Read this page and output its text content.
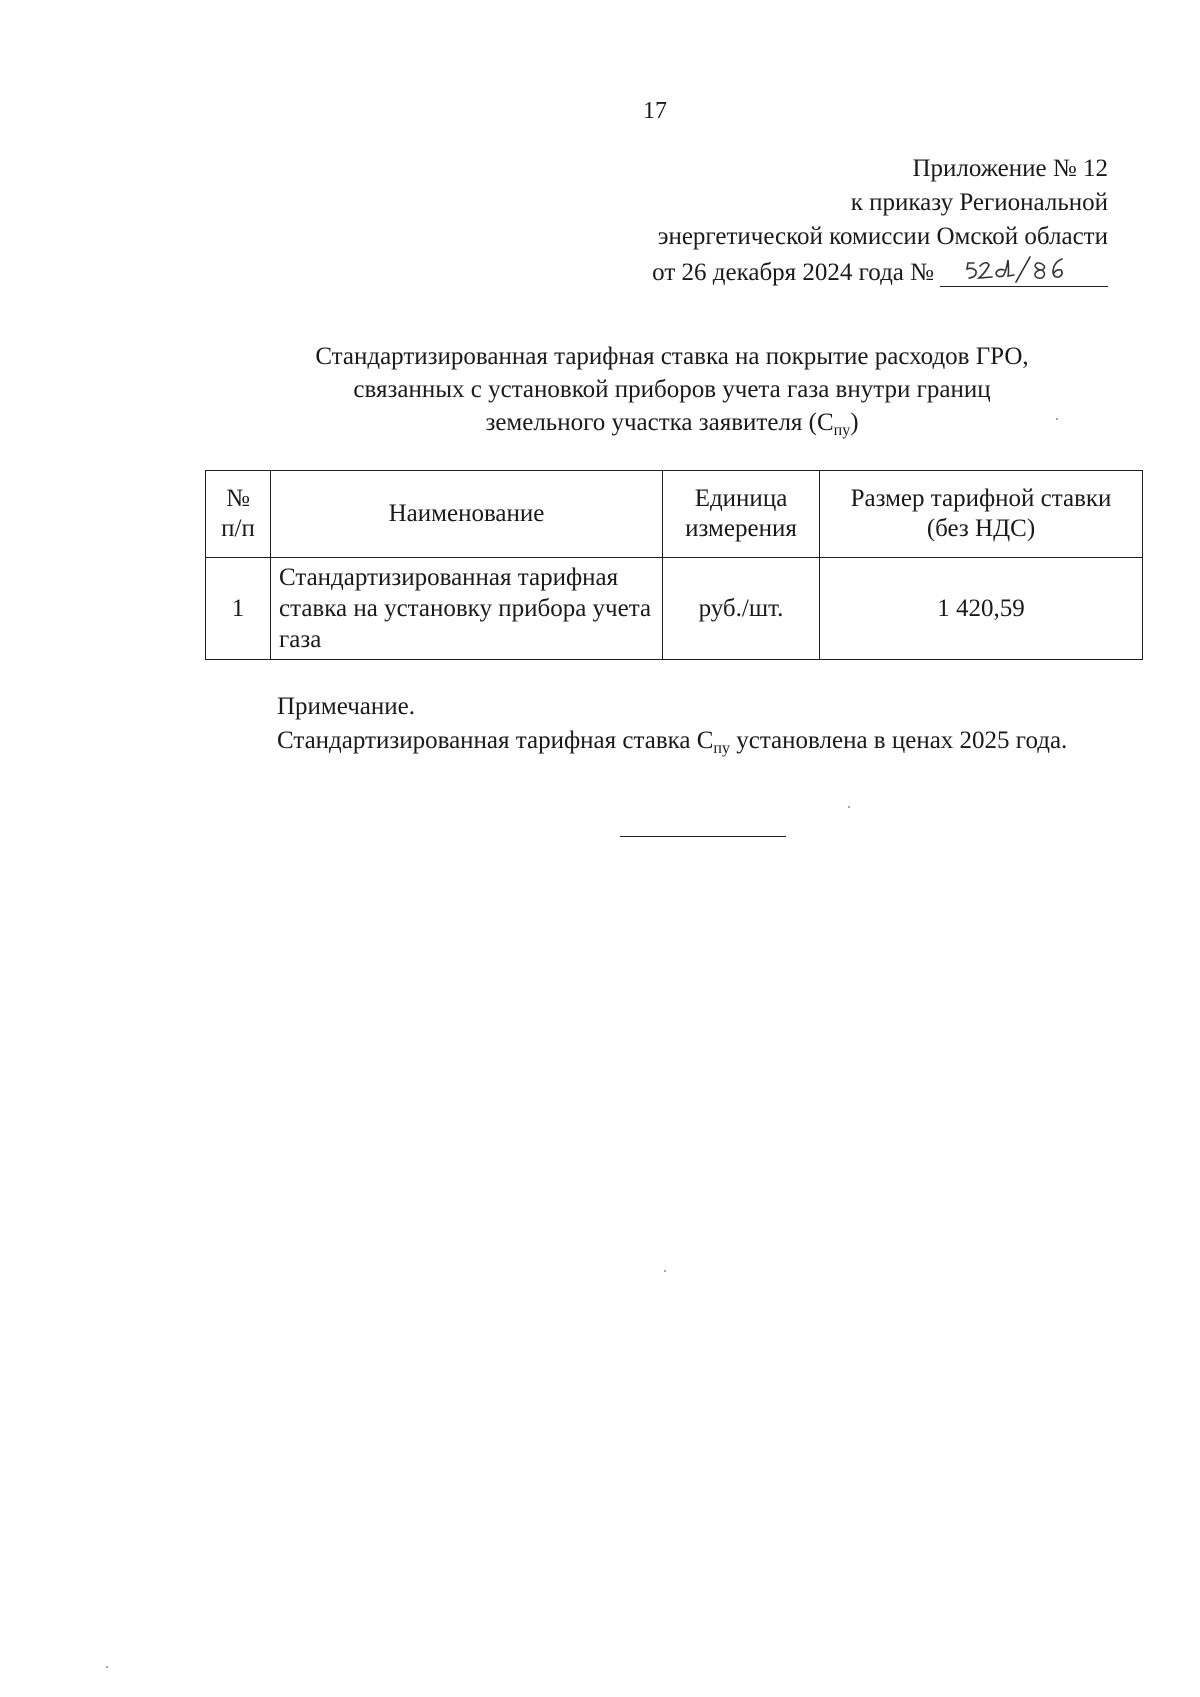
17
Приложение № 12
к приказу Региональной
энергетической комиссии Омской области
от 26 декабря 2024 года №
Стандартизированная тарифная ставка на покрытие расходов ГРО,
связанных с установкой приборов учета газа внутри границ
земельного участка заявителя $(С_{пу})$
№ п/п	Наименование	Единица измерения	Размер тарифной ставки (без НДС)
1	Стандартизированная тарифная ставка на установку прибора учета газа	руб./шт.	1 420,59
Примечание.
Стандартизированная тарифная ставка $С_{пу}$ установлена в ценах 2025 года.
